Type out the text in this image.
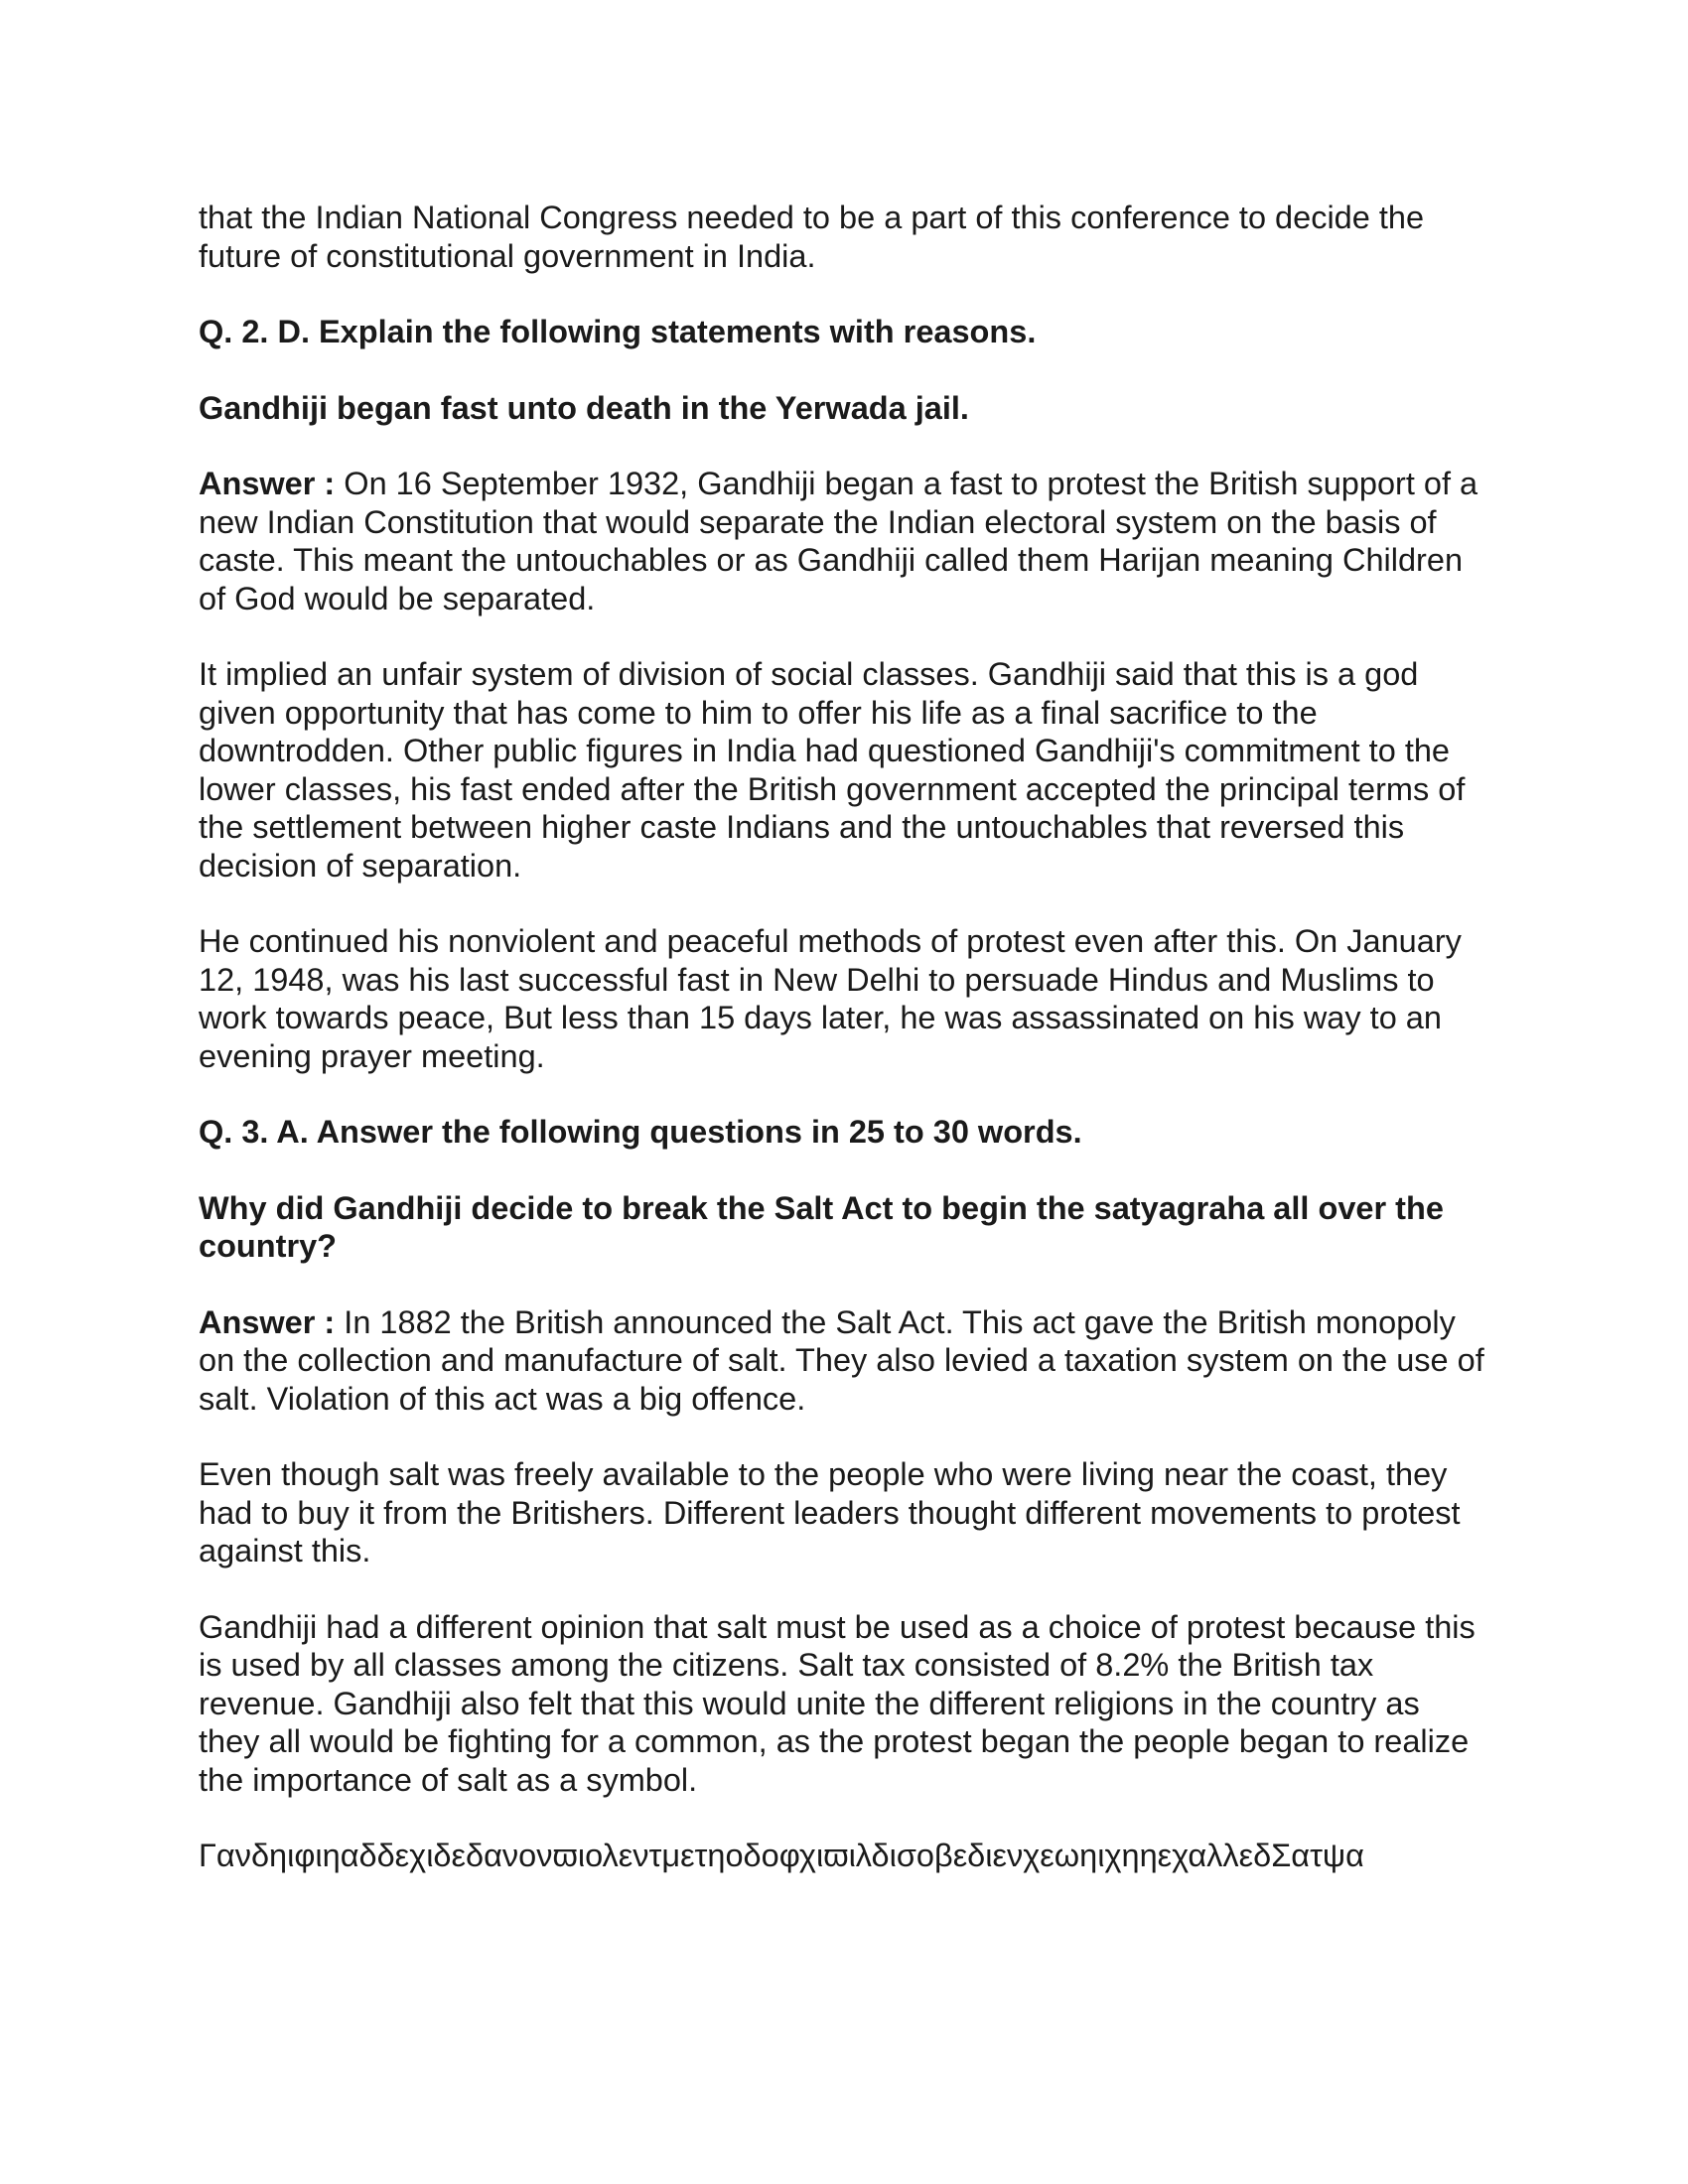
that the Indian National Congress needed to be a part of this conference to decide the future of constitutional government in India.

Q. 2. D. Explain the following statements with reasons.

Gandhiji began fast unto death in the Yerwada jail.

Answer : On 16 September 1932, Gandhiji began a fast to protest the British support of a new Indian Constitution that would separate the Indian electoral system on the basis of caste. This meant the untouchables or as Gandhiji called them Harijan meaning Children of God would be separated.

It implied an unfair system of division of social classes. Gandhiji said that this is a god given opportunity that has come to him to offer his life as a final sacrifice to the downtrodden. Other public figures in India had questioned Gandhiji's commitment to the lower classes, his fast ended after the British government accepted the principal terms of the settlement between higher caste Indians and the untouchables that reversed this decision of separation.

He continued his nonviolent and peaceful methods of protest even after this. On January 12, 1948, was his last successful fast in New Delhi to persuade Hindus and Muslims to work towards peace, But less than 15 days later, he was assassinated on his way to an evening prayer meeting.

Q. 3. A. Answer the following questions in 25 to 30 words.

Why did Gandhiji decide to break the Salt Act to begin the satyagraha all over the country?

Answer : In 1882 the British announced the Salt Act. This act gave the British monopoly on the collection and manufacture of salt. They also levied a taxation system on the use of salt. Violation of this act was a big offence.

Even though salt was freely available to the people who were living near the coast, they had to buy it from the Britishers. Different leaders thought different movements to protest against this.

Gandhiji had a different opinion that salt must be used as a choice of protest because this is used by all classes among the citizens. Salt tax consisted of 8.2% the British tax revenue. Gandhiji also felt that this would unite the different religions in the country as they all would be fighting for a common, as the protest began the people began to realize the importance of salt as a symbol.

ΓανδηιφιηαδδεχιδεδανονϖιολεντμετηοδοφχιϖιλδισοβεδιενχεωηιχηηεχαλλεδΣατψα
